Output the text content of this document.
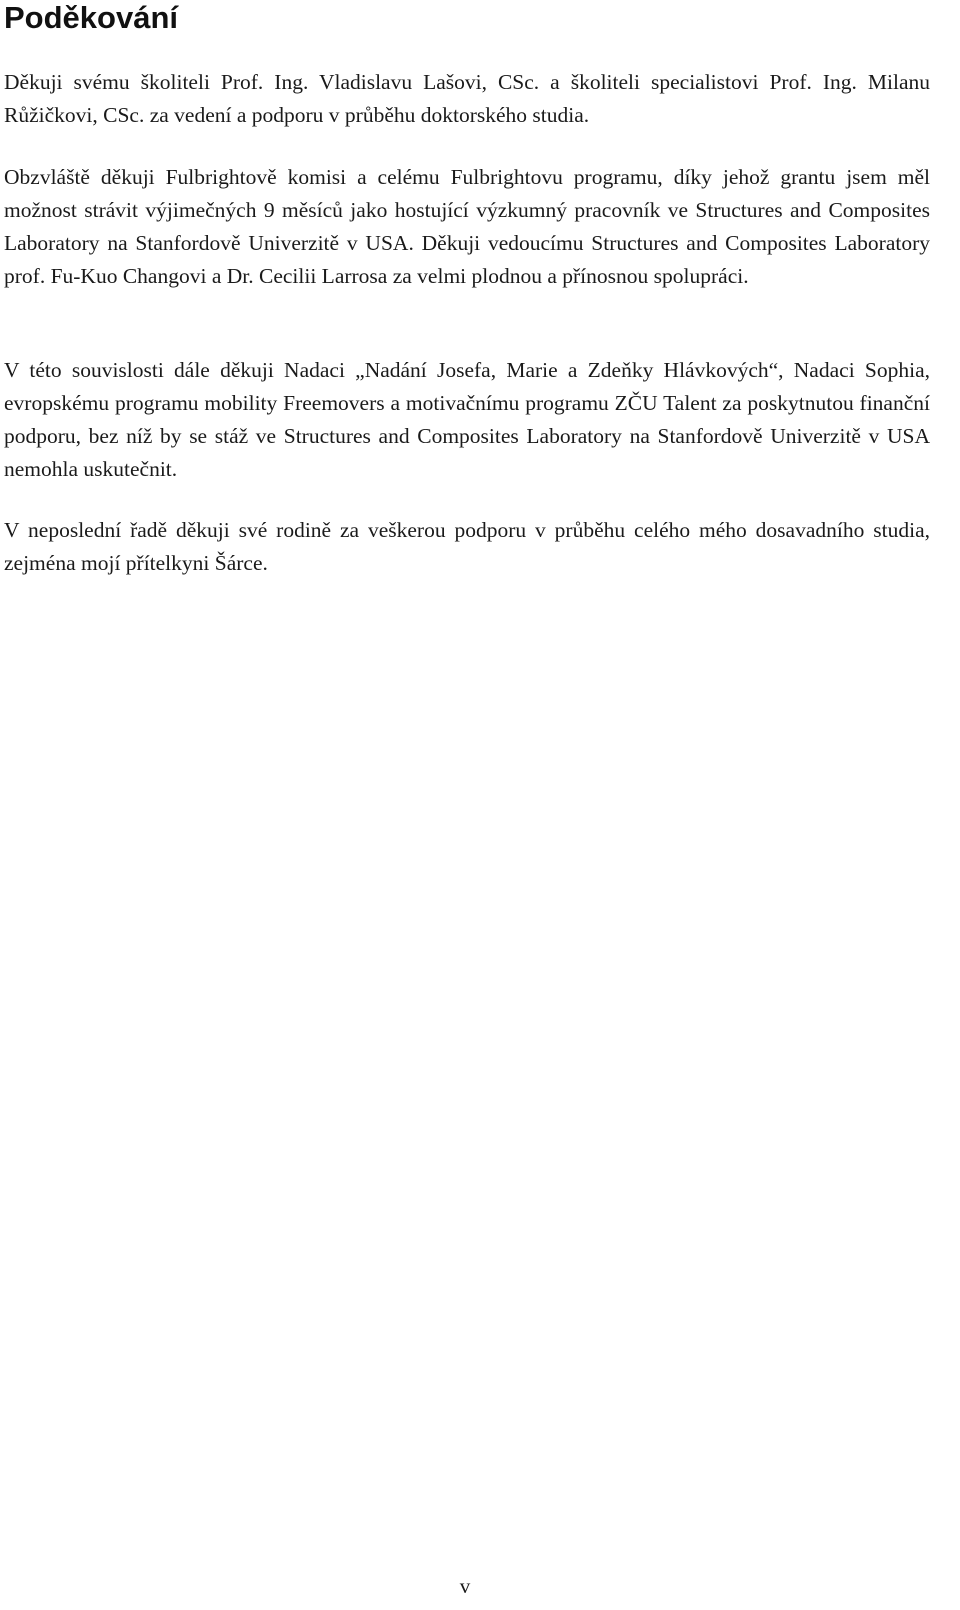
Poděkování

Děkuji svému školiteli Prof. Ing. Vladislavu Lašovi, CSc. a školiteli specialistovi Prof. Ing. Milanu Růžičkovi, CSc. za vedení a podporu v průběhu doktorského studia.

Obzvláště děkuji Fulbrightově komisi a celému Fulbrightovu programu, díky jehož grantu jsem měl možnost strávit výjimečných 9 měsíců jako hostující výzkumný pracovník ve Structures and Composites Laboratory na Stanfordově Univerzitě v USA. Děkuji vedoucímu Structures and Composites Laboratory prof. Fu-Kuo Changovi a Dr. Cecilii Larrosa za velmi plodnou a přínosnou spolupráci.

V této souvislosti dále děkuji Nadaci „Nadání Josefa, Marie a Zdeňky Hlávkových“, Nadaci Sophia, evropskému programu mobility Freemovers a motivačnímu programu ZČU Talent za poskytnutou finanční podporu, bez níž by se stáž ve Structures and Composites Laboratory na Stanfordově Univerzitě v USA nemohla uskutečnit.

V neposlední řadě děkuji své rodině za veškerou podporu v průběhu celého mého dosavadního studia, zejména mojí přítelkyni Šárce.

v
